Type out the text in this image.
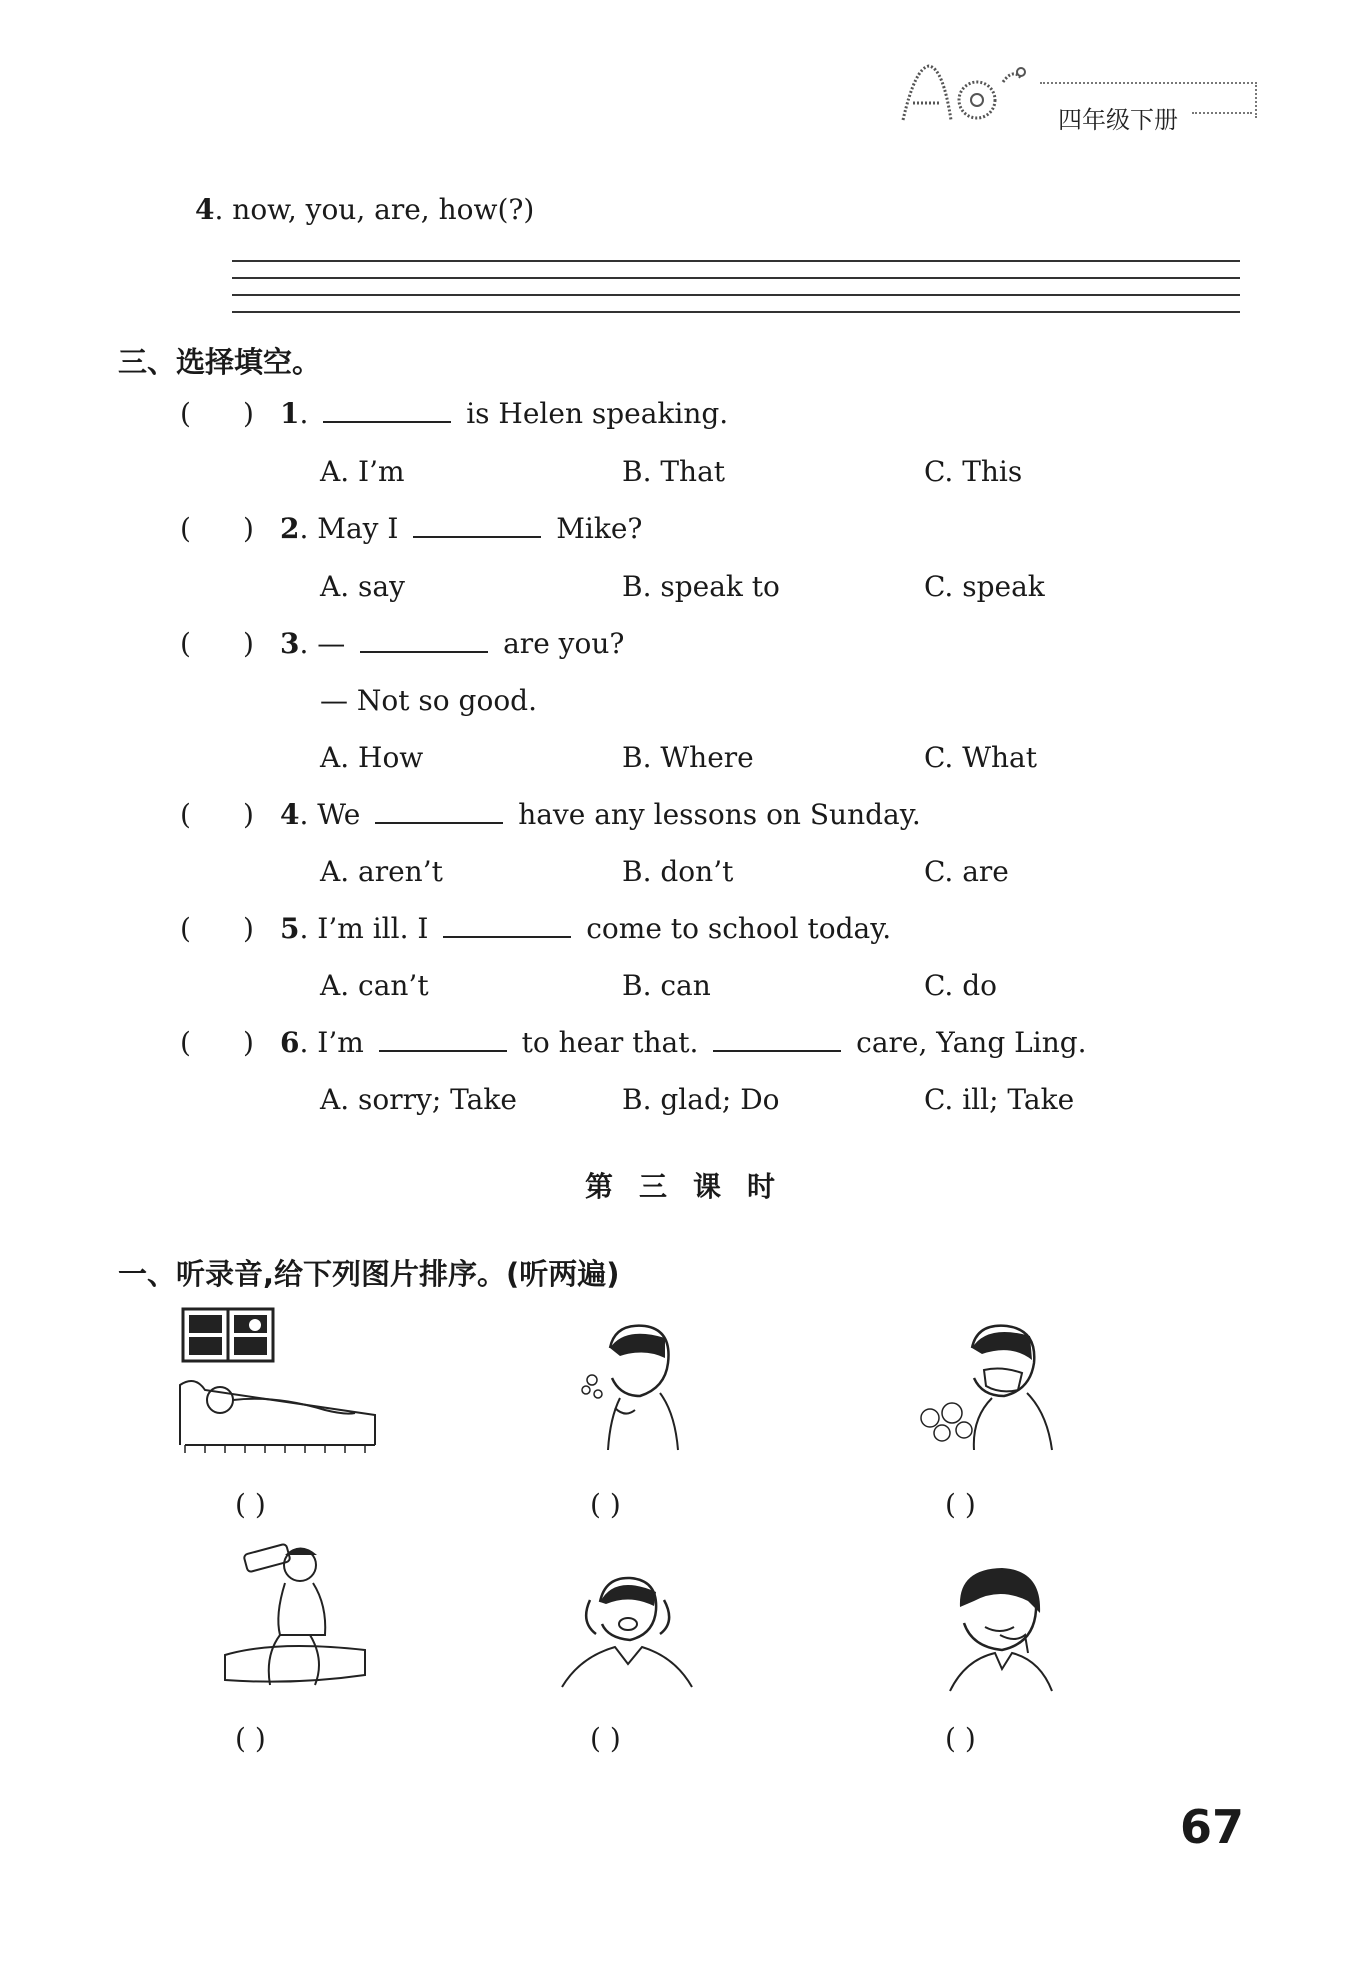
四年级下册
4. now, you, are, how(?)
三、选择填空。
( ) 1.	is Helen speaking.
A. I’m	B. That	C. This
( ) 2. May I	Mike?
A. say	B. speak to	C. speak
( ) 3. —	are you?
— Not so good.
A. How	B. Where	C. What
( ) 4. We	have any lessons on Sunday.
A. aren’t	B. don’t	C. are
( ) 5. I’m ill. I	come to school today.
A. can’t	B. can	C. do
( ) 6. I’m	to hear that.	care, Yang Ling.
A. sorry; Take	B. glad; Do	C. ill; Take
第三课时
一、听录音,给下列图片排序。(听两遍)
( )	( )	( )
( )	( )	( )
67
